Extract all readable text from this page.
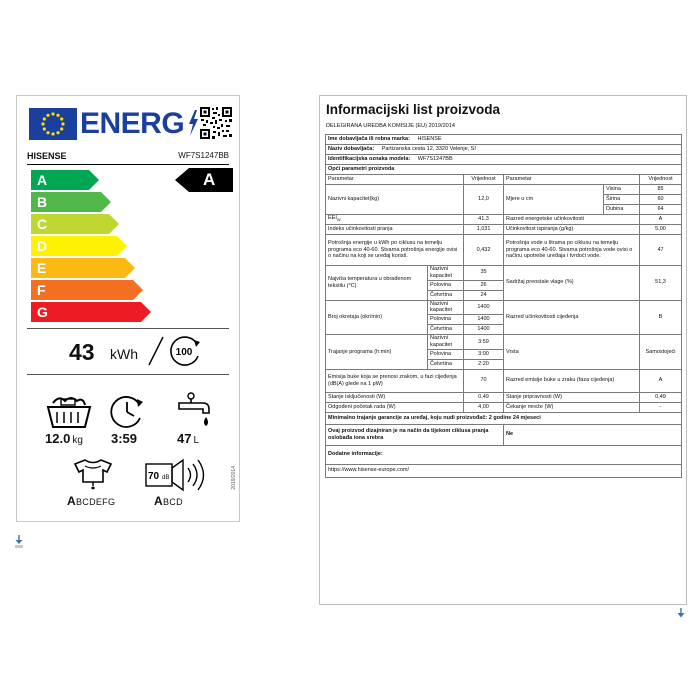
ENERG
HISENSE	WF7S1247BB
A
B
C
D
E
F
G
A
43 kWh	100
12.0 kg 3:59	47 L
ABCDEFG
70 dB
ABCD
2019/2014
Informacijski list proizvoda
DELEGIRANA UREDBA KOMISIJE (EU) 2019/2014
Ime dobavljača ili robna marka: HISENSE					
Naziv dobavljača: Partizanska cesta 12, 3320 Velenje, SI					
Identifikacijska oznaka modela: WF7S1247BB					
Opći parametri proizvoda					
Parametar		Vrijednost	Parametar		Vrijednost
Nazivni kapacitet(kg)		12,0	Mjere u cm	Visina	85
				Širina	60
				Dubina	64
$EEI_W$		41,3	Razred energetske učinkovitosti		A
Indeks učinkovitosti pranja		1,031	Učinkovitost ispiranja (g/kg)		5,00
Potrošnja energije u kWh po ciklusu na temelju programa eco 40-60. Stvarna potrošnja energije ovisi o načinu na koji se uređaj koristi.		0,432	Potrošnja vode u litrama po ciklusu na temelju programa eco 40-60. Stvarna potrošnja vode ovisi o načinu upotrebe uređaja i tvrdoći vode.		47
Najviša temperatura u obrađenom tekstilu (°C)	Nazivni kapacitet	35	Sadržaj preostale vlage (%)		51,3
	Polovina	26			
	Četvrtina	24			
Broj okretaja (okr/min)	Nazivni kapacitet	1400	Razred učinkovitosti cijeđenja		B
	Polovina	1400			
	Četvrtina	1400			
Trajanje programa (h:min)	Nazivni kapacitet	3:59	Vrsta		Samostojeći
	Polovina	3:00			
	Četvrtina	2:20			
Emisija buke koja se prenosi zrakom, u fazi cijeđenja (dB(A) glede na 1 pW)		70	Razred emisije buke u zraku (faza cijeđenja)		A
Stanje isključenosti (W)		0,49	Stanje pripravnosti (W)		0,49
Odgođeni početak rada (W)		4,00	Čekanje mreže (W)		-
Minimalno trajanje garancije za uređaj, koju nudi proizvođač: 2 godine 24 mjeseci					
Ovaj proizvod dizajniran je na način da tijekom ciklusa pranja oslobađa iona srebra			Ne		
Dodatne informacije:					
https://www.hisense-europe.com/					
